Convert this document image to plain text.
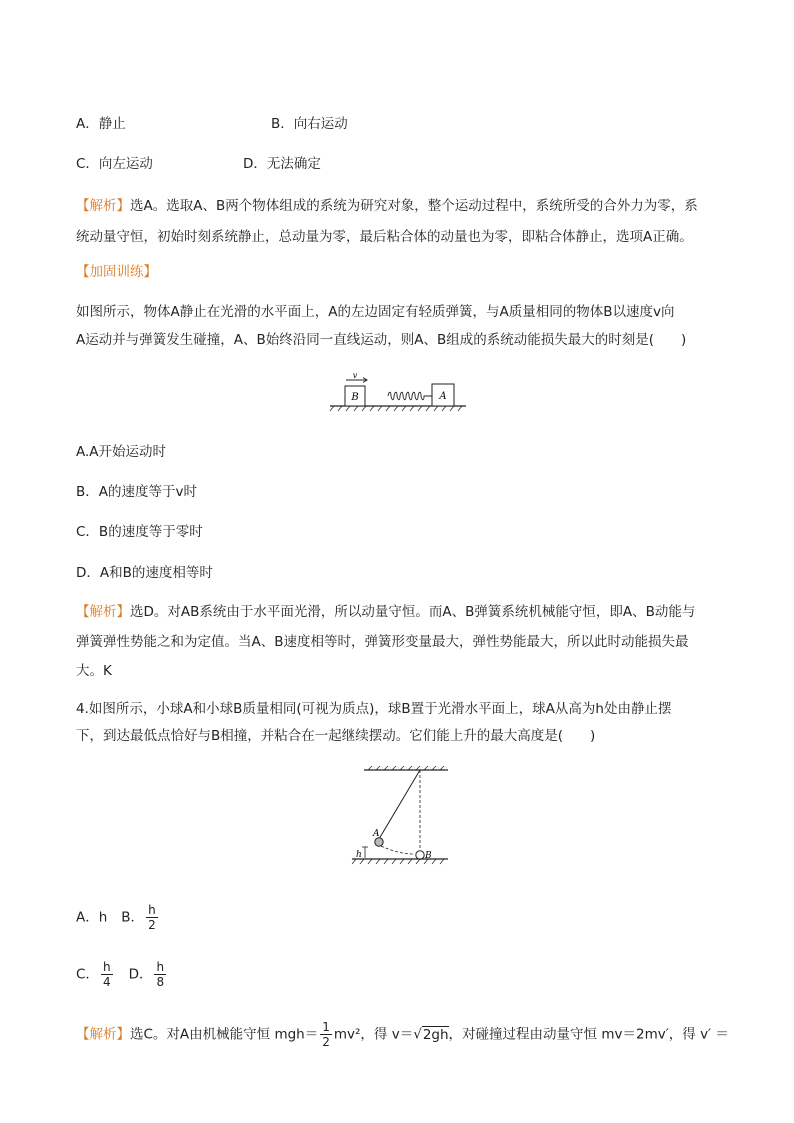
A．静止	B．向右运动
C．向左运动	D．无法确定
【解析】选A。选取A、B两个物体组成的系统为研究对象，整个运动过程中，系统所受的合外力为零，系
统动量守恒，初始时刻系统静止，总动量为零，最后粘合体的动量也为零，即粘合体静止，选项A正确。
【加固训练】
如图所示，物体A静止在光滑的水平面上，A的左边固定有轻质弹簧，与A质量相同的物体B以速度v向
A运动并与弹簧发生碰撞，A、B始终沿同一直线运动，则A、B组成的系统动能损失最大的时刻是(　　)
B
v
A
A.A开始运动时
B．A的速度等于v时
C．B的速度等于零时
D．A和B的速度相等时
【解析】选D。对AB系统由于水平面光滑，所以动量守恒。而A、B弹簧系统机械能守恒，即A、B动能与
弹簧弹性势能之和为定值。当A、B速度相等时，弹簧形变量最大，弹性势能最大，所以此时动能损失最
大。K
4.如图所示，小球A和小球B质量相同(可视为质点)，球B置于光滑水平面上，球A从高为h处由静止摆
下，到达最低点恰好与B相撞，并粘合在一起继续摆动。它们能上升的最大高度是(　　)
A
B
h
A．h B． $\frac{h}{2}$
C． $\frac{h}{4}$ D． $\frac{h}{8}$
【解析】选C。对A由机械能守恒 $mgh= \frac{1}{2} mv^2$，得 v＝√2gh，对碰撞过程由动量守恒 mv＝2mv′，得 v′ ＝
